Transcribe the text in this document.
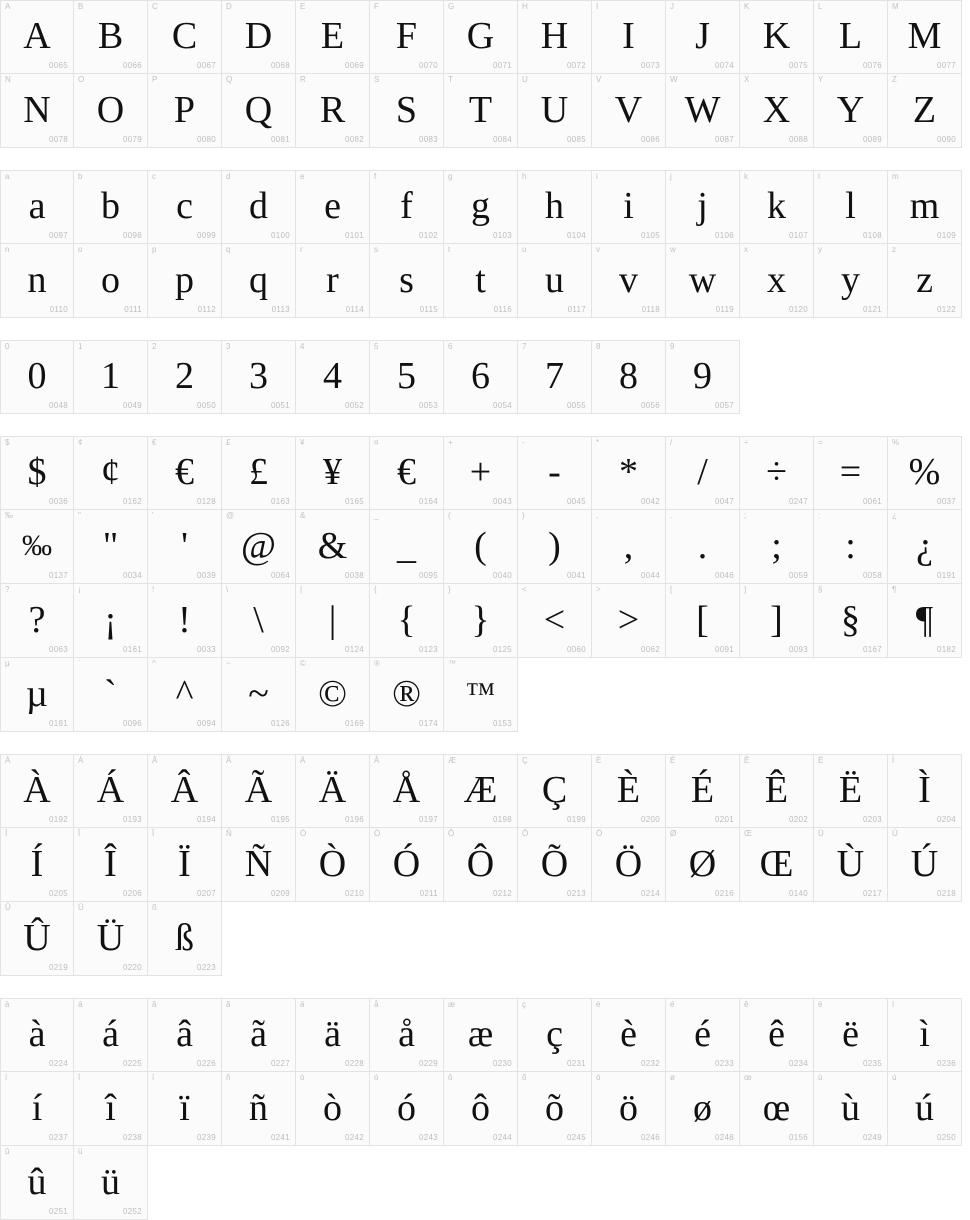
A
A
0065
B
B
0066
C
C
0067
D
D
0068
E
E
0069
F
F
0070
G
G
0071
H
H
0072
I
I
0073
J
J
0074
K
K
0075
L
L
0076
M
M
0077
N
N
0078
O
O
0079
P
P
0080
Q
Q
0081
R
R
0082
S
S
0083
T
T
0084
U
U
0085
V
V
0086
W
W
0087
X
X
0088
Y
Y
0089
Z
Z
0090
a
a
0097
b
b
0098
c
c
0099
d
d
0100
e
e
0101
f
f
0102
g
g
0103
h
h
0104
i
i
0105
j
j
0106
k
k
0107
l
l
0108
m
m
0109
n
n
0110
o
o
0111
p
p
0112
q
q
0113
r
r
0114
s
s
0115
t
t
0116
u
u
0117
v
v
0118
w
w
0119
x
x
0120
y
y
0121
z
z
0122
0
0
0048
1
1
0049
2
2
0050
3
3
0051
4
4
0052
5
5
0053
6
6
0054
7
7
0055
8
8
0056
9
9
0057
$
$
0036
¢
¢
0162
€
€
0128
£
£
0163
¥
¥
0165
¤
€
0164
+
+
0043
-
-
0045
*
*
0042
/
/
0047
÷
÷
0247
=
=
0061
%
%
0037
‰
‰
0137
"
"
0034
'
'
0039
@
@
0064
&
&
0038
_
_
0095
(
(
0040
)
)
0041
,
,
0044
.
.
0046
;
;
0059
:
:
0058
¿
¿
0191
?
?
0063
¡
¡
0161
!
!
0033
\
\
0092
|
|
0124
{
{
0123
}
}
0125
<
<
0060
>
>
0062
[
[
0091
]
]
0093
§
§
0167
¶
¶
0182
µ
µ
0181
`
`
0096
^
^
0094
~
~
0126
©
©
0169
®
®
0174
™
™
0153
À
À
0192
Á
Á
0193
Â
Â
0194
Ã
Ã
0195
Ä
Ä
0196
Å
Å
0197
Æ
Æ
0198
Ç
Ç
0199
È
È
0200
É
É
0201
Ê
Ê
0202
Ë
Ë
0203
Ì
Ì
0204
Í
Í
0205
Î
Î
0206
Ï
Ï
0207
Ñ
Ñ
0209
Ò
Ò
0210
Ó
Ó
0211
Ô
Ô
0212
Õ
Õ
0213
Ö
Ö
0214
Ø
Ø
0216
Œ
Œ
0140
Ù
Ù
0217
Ú
Ú
0218
Û
Û
0219
Ü
Ü
0220
ß
ß
0223
à
à
0224
á
á
0225
â
â
0226
ã
ã
0227
ä
ä
0228
å
å
0229
æ
æ
0230
ç
ç
0231
è
è
0232
é
é
0233
ê
ê
0234
ë
ë
0235
ì
ì
0236
í
í
0237
î
î
0238
ï
ï
0239
ñ
ñ
0241
ò
ò
0242
ó
ó
0243
ô
ô
0244
õ
õ
0245
ö
ö
0246
ø
ø
0248
œ
œ
0156
ù
ù
0249
ú
ú
0250
û
û
0251
ü
ü
0252
